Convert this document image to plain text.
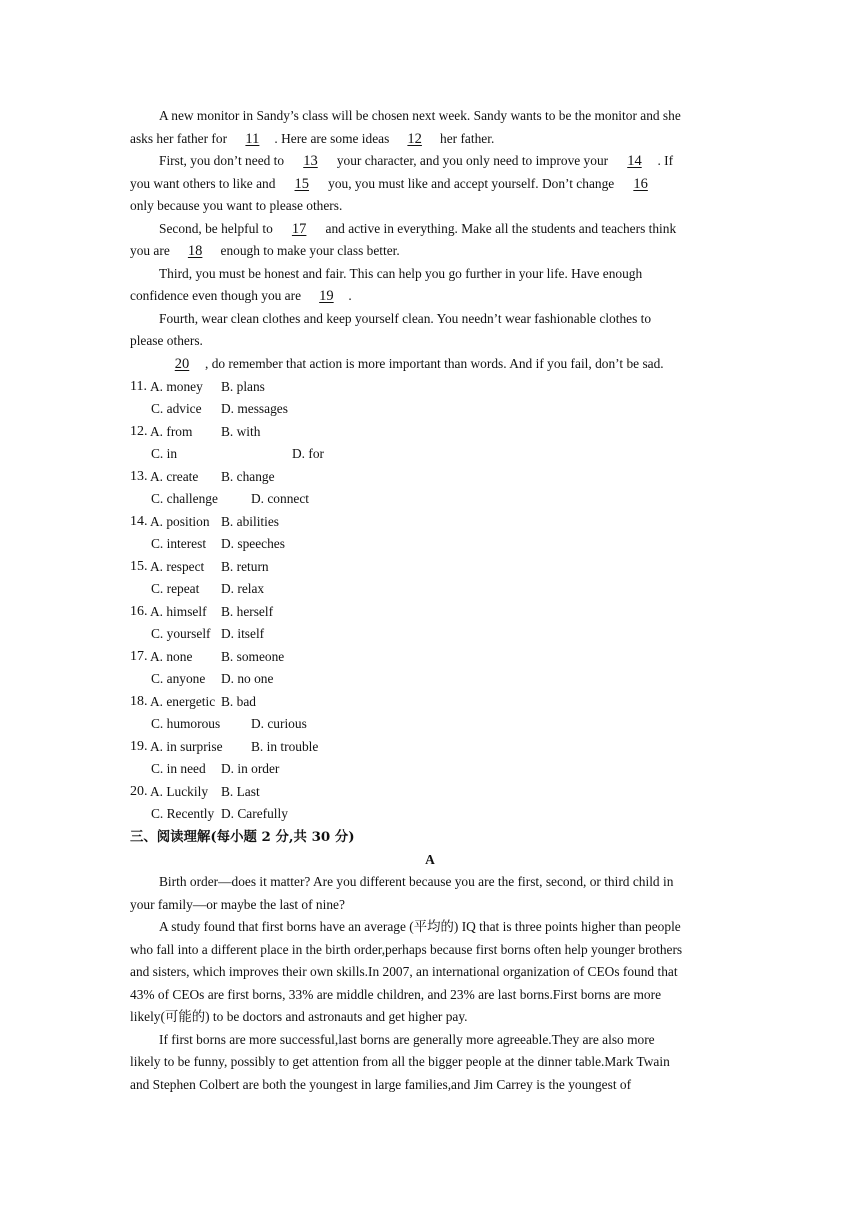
A new monitor in Sandy’s class will be chosen next week. Sandy wants to be the monitor and she
asks her father for 11 . Here are some ideas 12 her father.
First, you don’t need to 13 your character, and you only need to improve your 14 . If
you want others to like and 15 you, you must like and accept yourself. Don’t change 16
only because you want to please others.
Second, be helpful to 17 and active in everything. Make all the students and teachers think
you are 18 enough to make your class better.
Third, you must be honest and fair. This can help you go further in your life. Have enough
confidence even though you are 19 .
Fourth, wear clean clothes and keep yourself clean. You needn’t wear fashionable clothes to
please others.
20 , do remember that action is more important than words. And if you fail, don’t be sad.
11. A. money B. plans
C. advice D. messages
12. A. from B. with
C. in	D. for
13. A. create B. change
C. challenge D. connect
14. A. position B. abilities
C. interest D. speeches
15. A. respect B. return
C. repeat D. relax
16. A. himself B. herself
C. yourself D. itself
17. A. none B. someone
C. anyone D. no one
18. A. energetic B. bad
C. humorous D. curious
19. A. in surprise B. in trouble
C. in need D. in order
20. A. Luckily B. Last
C. Recently D. Carefully
三、阅读理解(每小题 2 分,共 30 分)
A
Birth order—does it matter? Are you different because you are the first, second, or third child in
your family—or maybe the last of nine?
A study found that first borns have an average (平均的) IQ that is three points higher than people
who fall into a different place in the birth order,perhaps because first borns often help younger brothers
and sisters, which improves their own skills.In 2007, an international organization of CEOs found that
43% of CEOs are first borns, 33% are middle children, and 23% are last borns.First borns are more
likely(可能的) to be doctors and astronauts and get higher pay.
If first borns are more successful,last borns are generally more agreeable.They are also more
likely to be funny, possibly to get attention from all the bigger people at the dinner table.Mark Twain
and Stephen Colbert are both the youngest in large families,and Jim Carrey is the youngest of
